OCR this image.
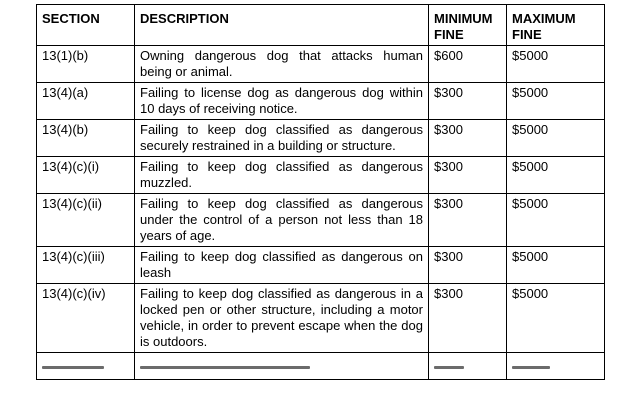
SECTION	DESCRIPTION	MINIMUM FINE	MAXIMUM FINE
13(1)(b)	Owning dangerous dog that attacks human being or animal.	$600	$5000
13(4)(a)	Failing to license dog as dangerous dog within 10 days of receiving notice.	$300	$5000
13(4)(b)	Failing to keep dog classified as dangerous securely restrained in a building or structure.	$300	$5000
13(4)(c)(i)	Failing to keep dog classified as dangerous muzzled.	$300	$5000
13(4)(c)(ii)	Failing to keep dog classified as dangerous under the control of a person not less than 18 years of age.	$300	$5000
13(4)(c)(iii)	Failing to keep dog classified as dangerous on leash	$300	$5000
13(4)(c)(iv)	Failing to keep dog classified as dangerous in a locked pen or other structure, including a motor vehicle, in order to prevent escape when the dog is outdoors.	$300	$5000
